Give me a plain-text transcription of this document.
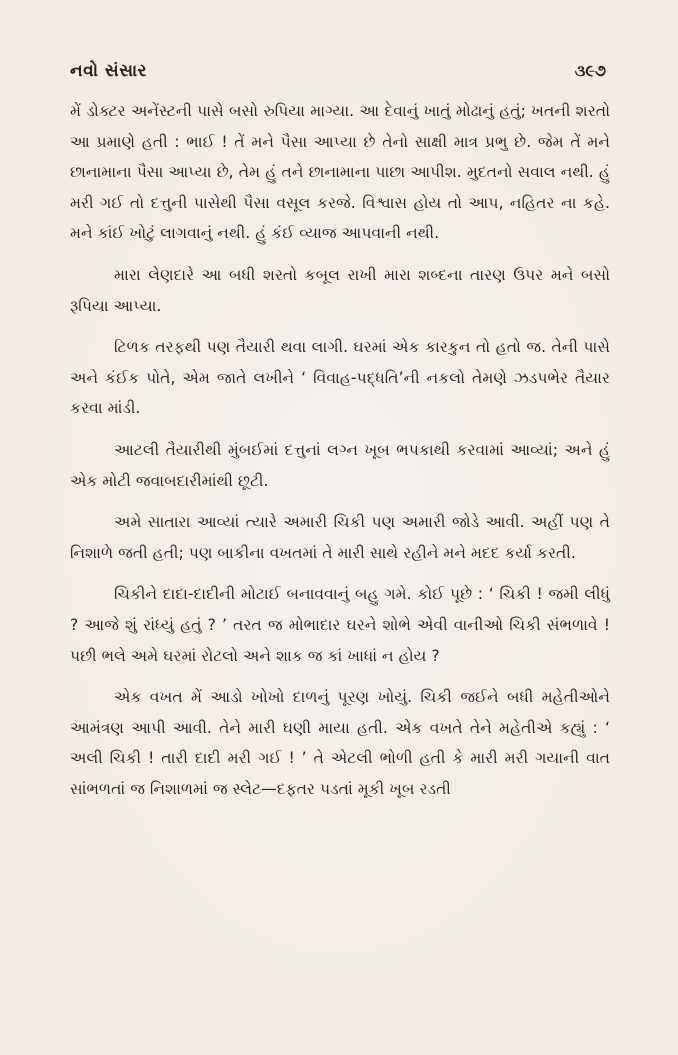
નવો સંસાર	૩૯૭

મેં ડોક્ટર અનેંસ્ટની પાસે બસો રુપિયા માગ્યા. આ દેવાનું ખાતું મોઢાનું હતું; ખતની શરતો આ પ્રમાણે હતી : ભાઈ ! તેં મને પૈસા આપ્યા છે તેનો સાક્ષી માત્ર પ્રભુ છે. જેમ તેં મને છાનામાના પૈસા આપ્યા છે, તેમ હું તને છાનામાના પાછા આપીશ. મુદતનો સવાલ નથી. હું મરી ગઈ તો દત્તુની પાસેથી પૈસા વસૂલ કરજે. વિશ્વાસ હોય તો આપ, નહિતર ના કહે. મને કાંઈ ખોટું લાગવાનું નથી. હું કંઈ વ્યાજ આપવાની નથી.

મારા લેણદારે આ બધી શરતો કબૂલ રાખી મારા શબ્દના તારણ ઉપર મને બસો રૂપિયા આપ્યા.

ટિળક તરફથી પણ તૈયારી થવા લાગી. ઘરમાં એક કારકુન તો હતો જ. તેની પાસે અને કંઈક પોતે, એમ જાતે લખીને ‘ વિવાહ-પદ્ધતિ’ની નકલો તેમણે ઝડપભેર તૈયાર કરવા માંડી.

આટલી તૈયારીથી મુંબઈમાં દત્તુનાં લગ્ન ખૂબ ભપકાથી કરવામાં આવ્યાં; અને હું એક મોટી જવાબદારીમાંથી છૂટી.

અમે સાતારા આવ્યાં ત્યારે અમારી ચિકી પણ અમારી જોડે આવી. અહીં પણ તે નિશાળે જતી હતી; પણ બાકીના વખતમાં તે મારી સાથે રહીને મને મદદ કર્યા કરતી.

ચિકીને દાદા-દાદીની મોટાઈ બનાવવાનું બહુ ગમે. કોઈ પૂછે : ‘ ચિકી ! જમી લીધું ? આજે શું રાંધ્યું હતું ? ’ તરત જ મોભાદાર ઘરને શોભે એવી વાનીઓ ચિકી સંભળાવે ! પછી ભલે અમે ઘરમાં રોટલો અને શાક જ કાં ખાધાં ન હોય ?

એક વખત મેં આડો ખોખો દાળનું પૂરણ ખોયું. ચિકી જઈને બધી મહેતીઓને આમંત્રણ આપી આવી. તેને મારી ઘણી માયા હતી. એક વખતે તેને મહેતીએ કહ્યું : ‘ અલી ચિકી ! તારી દાદી મરી ગઈ ! ’ તે એટલી ભોળી હતી કે મારી મરી ગયાની વાત સાંભળતાં જ નિશાળમાં જ સ્લેટ—દફતર પડતાં મૂકી ખૂબ રડતી
